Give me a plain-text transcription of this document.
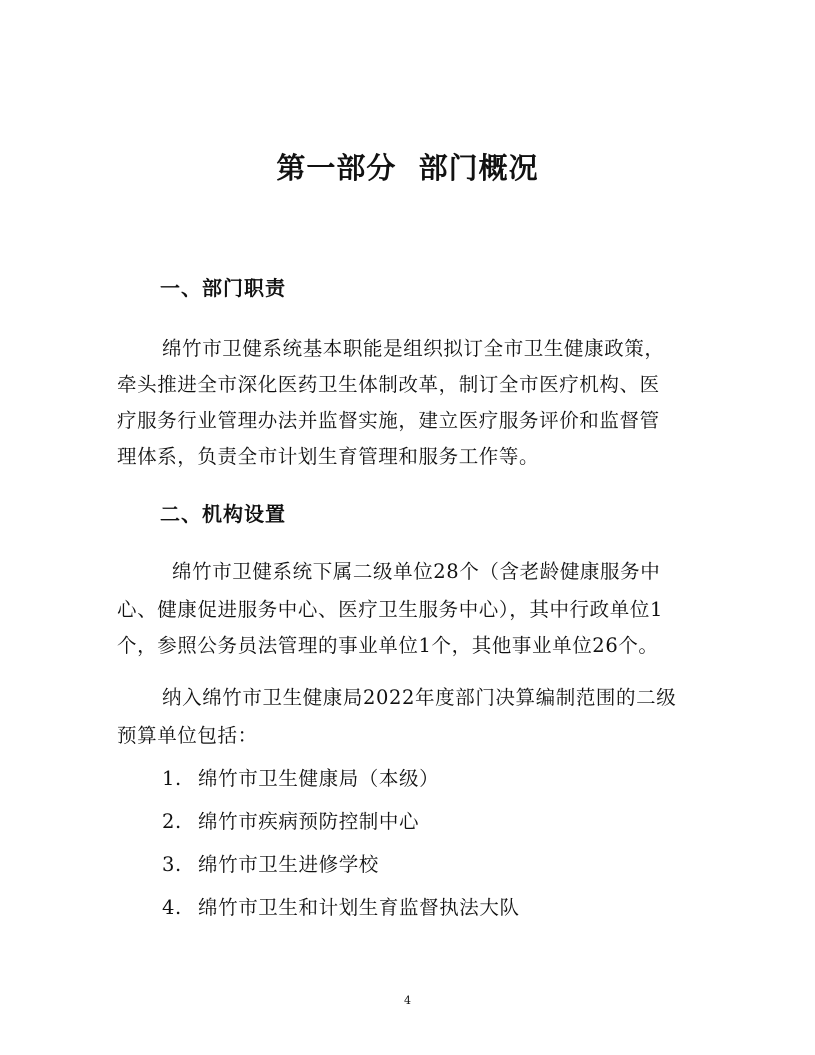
第一部分  部门概况
一、部门职责
绵竹市卫健系统基本职能是组织拟订全市卫生健康政策，
牵头推进全市深化医药卫生体制改革，制订全市医疗机构、医
疗服务行业管理办法并监督实施，建立医疗服务评价和监督管
理体系，负责全市计划生育管理和服务工作等。
二、机构设置
绵竹市卫健系统下属二级单位28个（含老龄健康服务中
心、健康促进服务中心、医疗卫生服务中心），其中行政单位1
个，参照公务员法管理的事业单位1个，其他事业单位26个。
纳入绵竹市卫生健康局2022年度部门决算编制范围的二级
预算单位包括：
1. 绵竹市卫生健康局（本级）
2. 绵竹市疾病预防控制中心
3. 绵竹市卫生进修学校
4. 绵竹市卫生和计划生育监督执法大队
4
